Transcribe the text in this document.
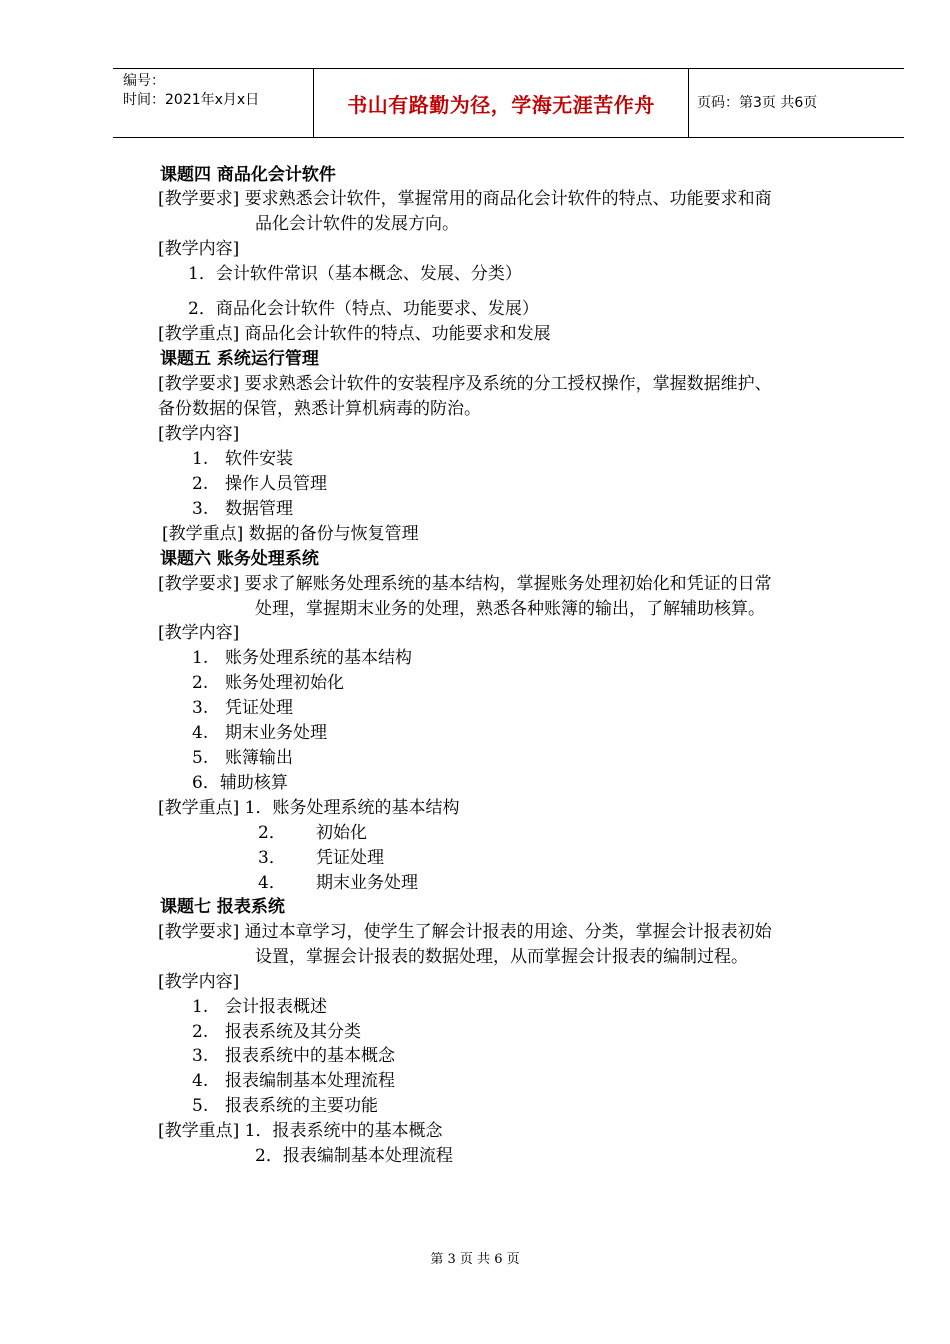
编号：
时间：2021年x月x日	书山有路勤为径，学海无涯苦作舟	页码：第3页 共6页
课题四 商品化会计软件
[教学要求] 要求熟悉会计软件，掌握常用的商品化会计软件的特点、功能要求和商
品化会计软件的发展方向。
[教学内容]
1．会计软件常识（基本概念、发展、分类）
2．商品化会计软件（特点、功能要求、发展）
[教学重点] 商品化会计软件的特点、功能要求和发展
课题五 系统运行管理
[教学要求] 要求熟悉会计软件的安装程序及系统的分工授权操作，掌握数据维护、
备份数据的保管，熟悉计算机病毒的防治。
[教学内容]
1. 软件安装
2. 操作人员管理
3. 数据管理
[教学重点] 数据的备份与恢复管理
课题六 账务处理系统
[教学要求] 要求了解账务处理系统的基本结构，掌握账务处理初始化和凭证的日常
处理，掌握期末业务的处理，熟悉各种账簿的输出，了解辅助核算。
[教学内容]
1. 账务处理系统的基本结构
2. 账务处理初始化
3. 凭证处理
4. 期末业务处理
5. 账簿输出
6．辅助核算
[教学重点] 1．账务处理系统的基本结构
2． 初始化
3． 凭证处理
4． 期末业务处理
课题七 报表系统
[教学要求] 通过本章学习，使学生了解会计报表的用途、分类，掌握会计报表初始
设置，掌握会计报表的数据处理，从而掌握会计报表的编制过程。
[教学内容]
1. 会计报表概述
2. 报表系统及其分类
3. 报表系统中的基本概念
4. 报表编制基本处理流程
5. 报表系统的主要功能
[教学重点] 1．报表系统中的基本概念
2．报表编制基本处理流程
第 3 页 共 6 页
